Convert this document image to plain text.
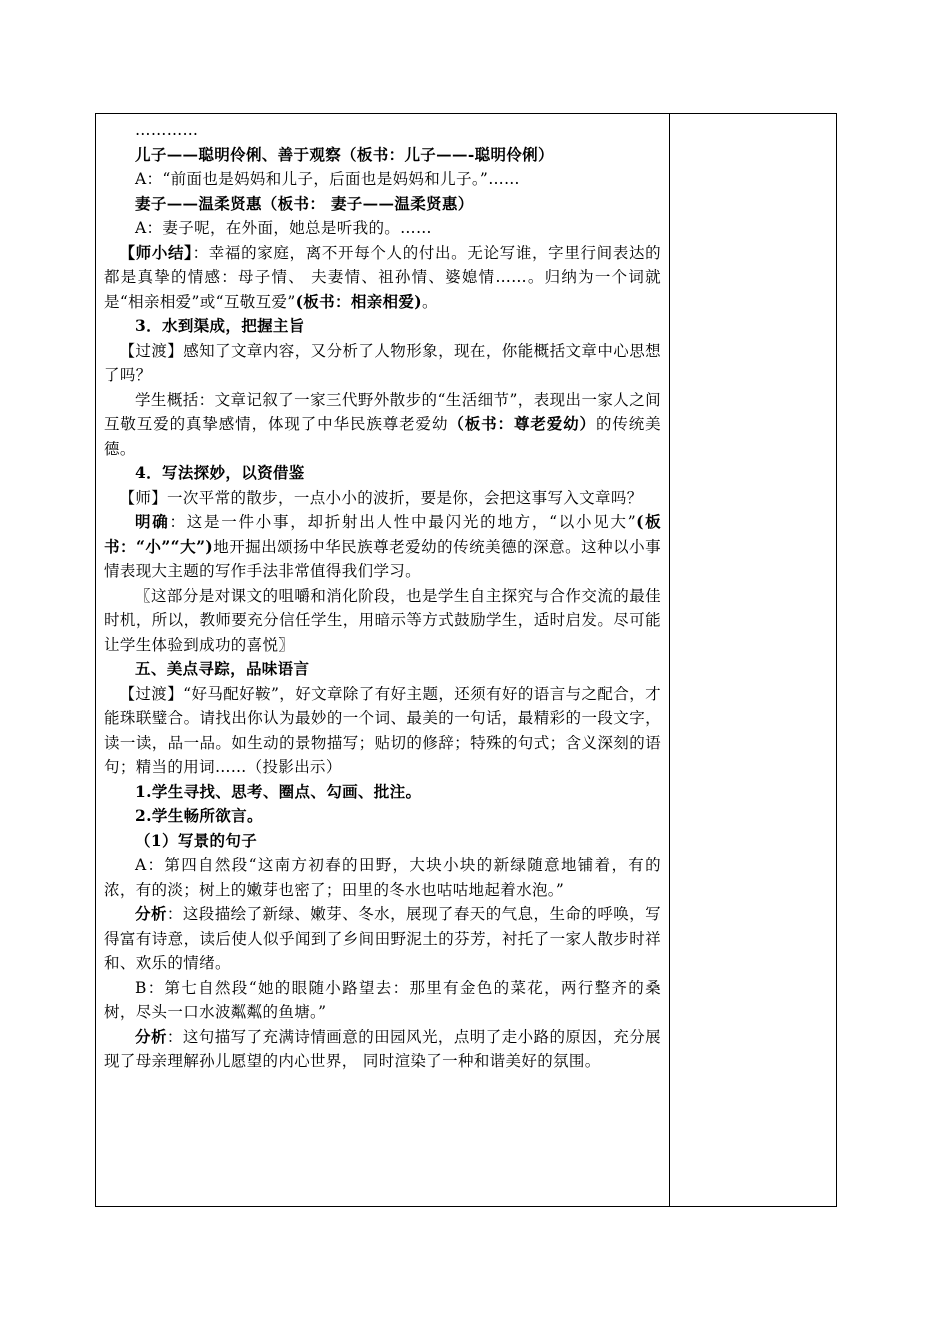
…………

儿子——聪明伶俐、善于观察（板书：儿子——-聪明伶俐）

A：“前面也是妈妈和儿子，后面也是妈妈和儿子。”……

妻子——温柔贤惠（板书： 妻子——温柔贤惠）

A：妻子呢，在外面，她总是听我的。……

【师小结】：幸福的家庭，离不开每个人的付出。无论写谁，字里行间表达的都是真挚的情感：母子情、 夫妻情、祖孙情、婆媳情……。归纳为一个词就是“相亲相爱”或“互敬互爱”(板书：相亲相爱)。

3．水到渠成，把握主旨

【过渡】感知了文章内容，又分析了人物形象，现在，你能概括文章中心思想了吗？

学生概括：文章记叙了一家三代野外散步的“生活细节”，表现出一家人之间互敬互爱的真挚感情，体现了中华民族尊老爱幼（板书：尊老爱幼）的传统美德。

4．写法探妙，以资借鉴

【师】一次平常的散步，一点小小的波折，要是你，会把这事写入文章吗？

明确：这是一件小事，却折射出人性中最闪光的地方，“以小见大”(板书：“小”“大”)地开掘出颂扬中华民族尊老爱幼的传统美德的深意。这种以小事情表现大主题的写作手法非常值得我们学习。

〖这部分是对课文的咀嚼和消化阶段，也是学生自主探究与合作交流的最佳时机，所以，教师要充分信任学生，用暗示等方式鼓励学生，适时启发。尽可能让学生体验到成功的喜悦〗

五、美点寻踪，品味语言

【过渡】“好马配好鞍”，好文章除了有好主题，还须有好的语言与之配合，才能珠联璧合。请找出你认为最妙的一个词、最美的一句话，最精彩的一段文字，读一读，品一品。如生动的景物描写；贴切的修辞；特殊的句式；含义深刻的语句；精当的用词……（投影出示）

1.学生寻找、思考、圈点、勾画、批注。

2.学生畅所欲言。

（1）写景的句子

A：第四自然段“这南方初春的田野，大块小块的新绿随意地铺着，有的浓，有的淡；树上的嫩芽也密了；田里的冬水也咕咕地起着水泡。”

分析：这段描绘了新绿、嫩芽、冬水，展现了春天的气息，生命的呼唤，写得富有诗意，读后使人似乎闻到了乡间田野泥土的芬芳，衬托了一家人散步时祥和、欢乐的情绪。

B：第七自然段“她的眼随小路望去：那里有金色的菜花，两行整齐的桑树，尽头一口水波粼粼的鱼塘。”

分析：这句描写了充满诗情画意的田园风光，点明了走小路的原因，充分展现了母亲理解孙儿愿望的内心世界， 同时渲染了一种和谐美好的氛围。
